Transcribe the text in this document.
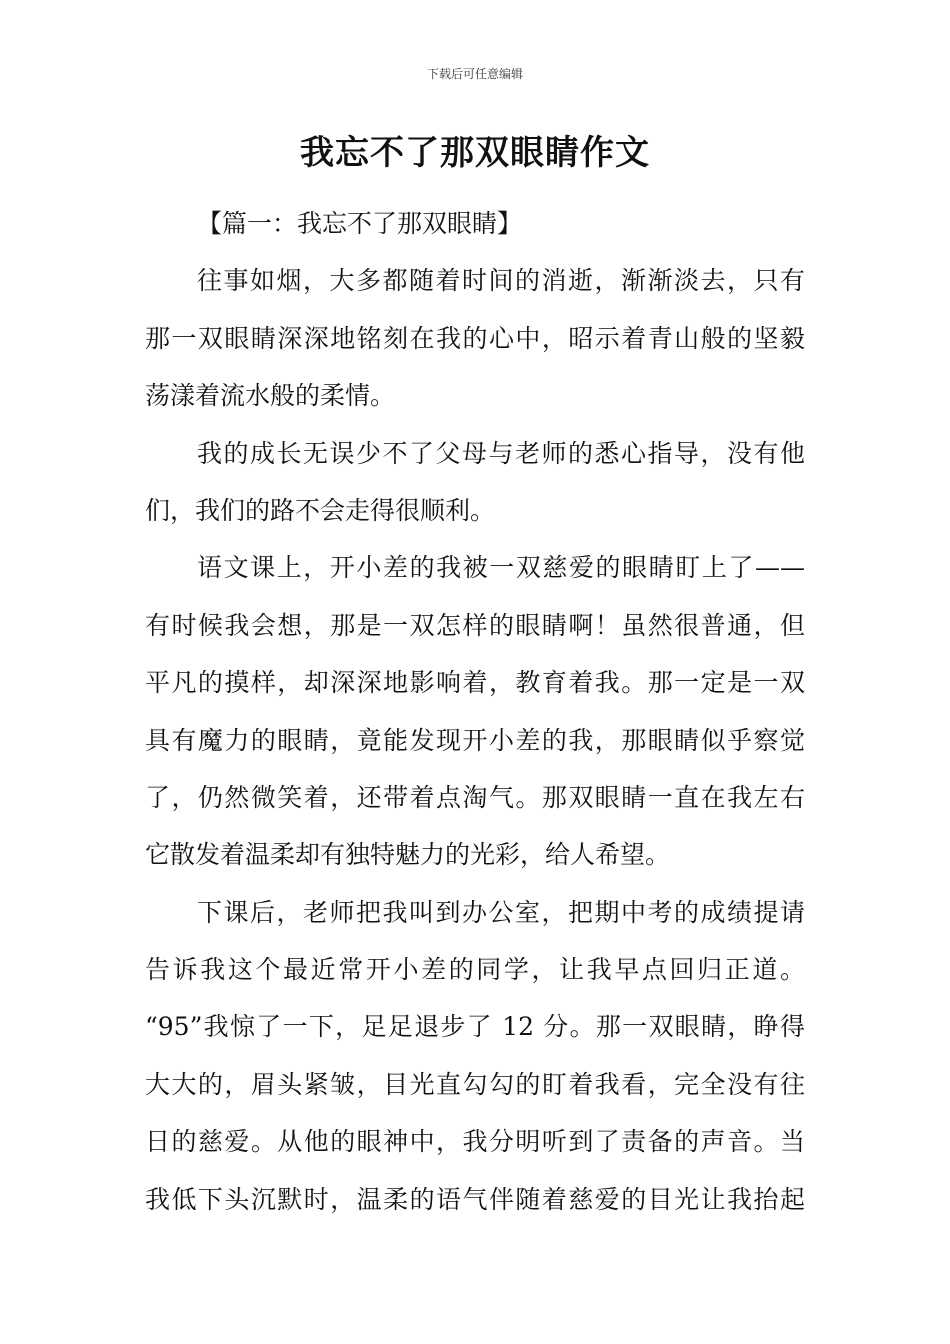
下载后可任意编辑
我忘不了那双眼睛作文
【篇一：我忘不了那双眼睛】
往事如烟，大多都随着时间的消逝，渐渐淡去，只有
那一双眼睛深深地铭刻在我的心中，昭示着青山般的坚毅
荡漾着流水般的柔情。
我的成长无误少不了父母与老师的悉心指导，没有他
们，我们的路不会走得很顺利。
语文课上，开小差的我被一双慈爱的眼睛盯上了——
有时候我会想，那是一双怎样的眼睛啊！虽然很普通，但
平凡的摸样，却深深地影响着，教育着我。那一定是一双
具有魔力的眼睛，竟能发现开小差的我，那眼睛似乎察觉
了，仍然微笑着，还带着点淘气。那双眼睛一直在我左右
它散发着温柔却有独特魅力的光彩，给人希望。
下课后，老师把我叫到办公室，把期中考的成绩提请
告诉我这个最近常开小差的同学，让我早点回归正道。
“95”我惊了一下，足足退步了 12 分。那一双眼睛，睁得
大大的，眉头紧皱，目光直勾勾的盯着我看，完全没有往
日的慈爱。从他的眼神中，我分明听到了责备的声音。当
我低下头沉默时，温柔的语气伴随着慈爱的目光让我抬起
